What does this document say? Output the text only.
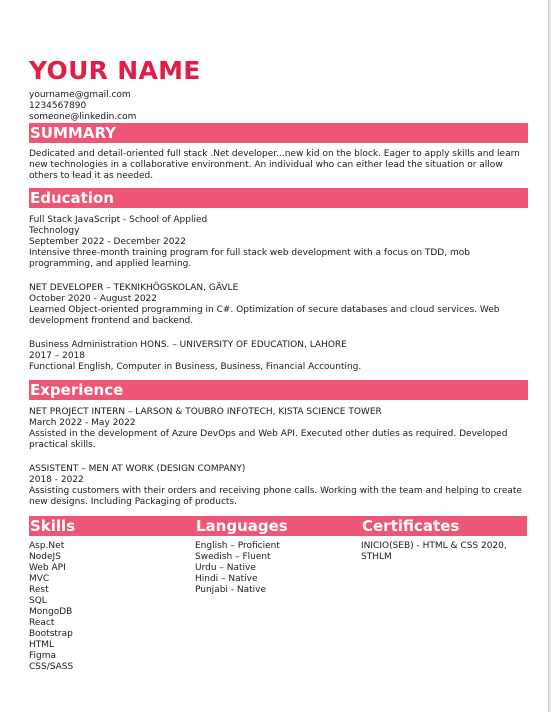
YOUR NAME
yourname@gmail.com
1234567890
someone@linkedin.com
SUMMARY
Dedicated and detail-oriented full stack .Net developer...new kid on the block. Eager to apply skills and learn new technologies in a collaborative environment. An individual who can either lead the situation or allow others to lead it as needed.
Education
Full Stack JavaScript - School of Applied Technology
September 2022 - December 2022
Intensive three-month training program for full stack web development with a focus on TDD, mob programming, and applied learning.
NET DEVELOPER – TEKNIKHÖGSKOLAN, GÄVLE
October 2020 - August 2022
Learned Object-oriented programming in C#. Optimization of secure databases and cloud services. Web development frontend and backend.
Business Administration HONS. – UNIVERSITY OF EDUCATION, LAHORE
2017 – 2018
Functional English, Computer in Business, Business, Financial Accounting.
Experience
NET PROJECT INTERN – LARSON & TOUBRO INFOTECH, KISTA SCIENCE TOWER
March 2022 - May 2022
Assisted in the development of Azure DevOps and Web API. Executed other duties as required. Developed practical skills.
ASSISTENT – MEN AT WORK (DESIGN COMPANY)
2018 - 2022
Assisting customers with their orders and receiving phone calls. Working with the team and helping to create new designs. Including Packaging of products.
Skills
Asp.Net
NodeJS
Web API
MVC
Rest
SQL
MongoDB
React
Bootstrap
HTML
Figma
CSS/SASS
Languages
English – Proficient
Swedish – Fluent
Urdu – Native
Hindi – Native
Punjabi - Native
Certificates
INICIO(SEB) - HTML & CSS 2020, STHLM
